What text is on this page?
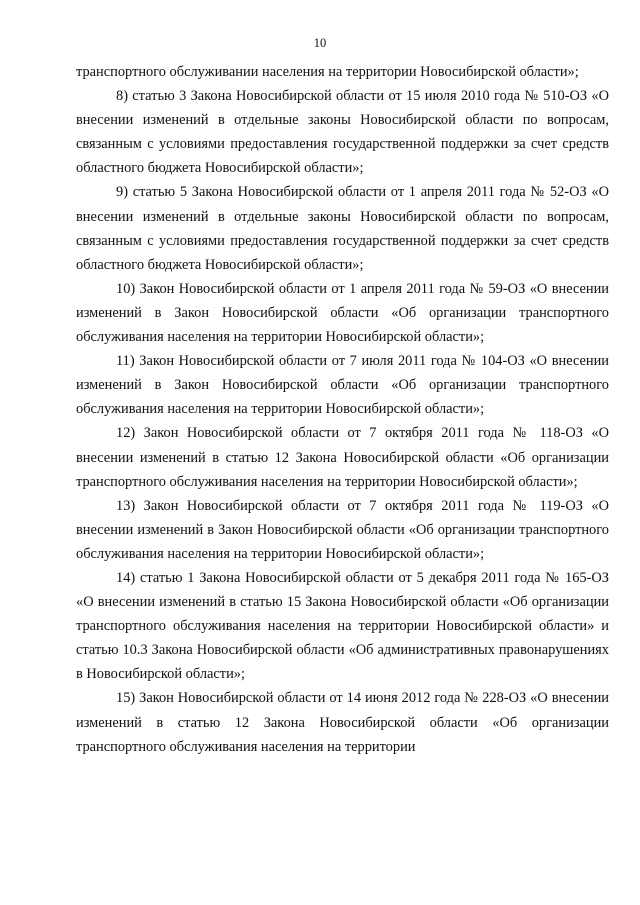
10

транспортного обслуживании населения на территории Новосибирской области»;

8) статью 3 Закона Новосибирской области от 15 июля 2010 года № 510-ОЗ «О внесении изменений в отдельные законы Новосибирской области по вопросам, связанным с условиями предоставления государственной поддержки за счет средств областного бюджета Новосибирской области»;

9) статью 5 Закона Новосибирской области от 1 апреля 2011 года № 52-ОЗ «О внесении изменений в отдельные законы Новосибирской области по вопросам, связанным с условиями предоставления государственной поддержки за счет средств областного бюджета Новосибирской области»;

10) Закон Новосибирской области от 1 апреля 2011 года № 59-ОЗ «О внесении изменений в Закон Новосибирской области «Об организации транспортного обслуживания населения на территории Новосибирской области»;

11) Закон Новосибирской области от 7 июля 2011 года № 104-ОЗ «О внесении изменений в Закон Новосибирской области «Об организации транспортного обслуживания населения на территории Новосибирской области»;

12) Закон Новосибирской области от 7 октября 2011 года № 118-ОЗ «О внесении изменений в статью 12 Закона Новосибирской области «Об организации транспортного обслуживания населения на территории Новосибирской области»;

13) Закон Новосибирской области от 7 октября 2011 года № 119-ОЗ «О внесении изменений в Закон Новосибирской области «Об организации транспортного обслуживания населения на территории Новосибирской области»;

14) статью 1 Закона Новосибирской области от 5 декабря 2011 года № 165-ОЗ «О внесении изменений в статью 15 Закона Новосибирской области «Об организации транспортного обслуживания населения на территории Новосибирской области» и статью 10.3 Закона Новосибирской области «Об административных правонарушениях в Новосибирской области»;

15) Закон Новосибирской области от 14 июня 2012 года № 228-ОЗ «О внесении изменений в статью 12 Закона Новосибирской области «Об организации транспортного обслуживания населения на территории
